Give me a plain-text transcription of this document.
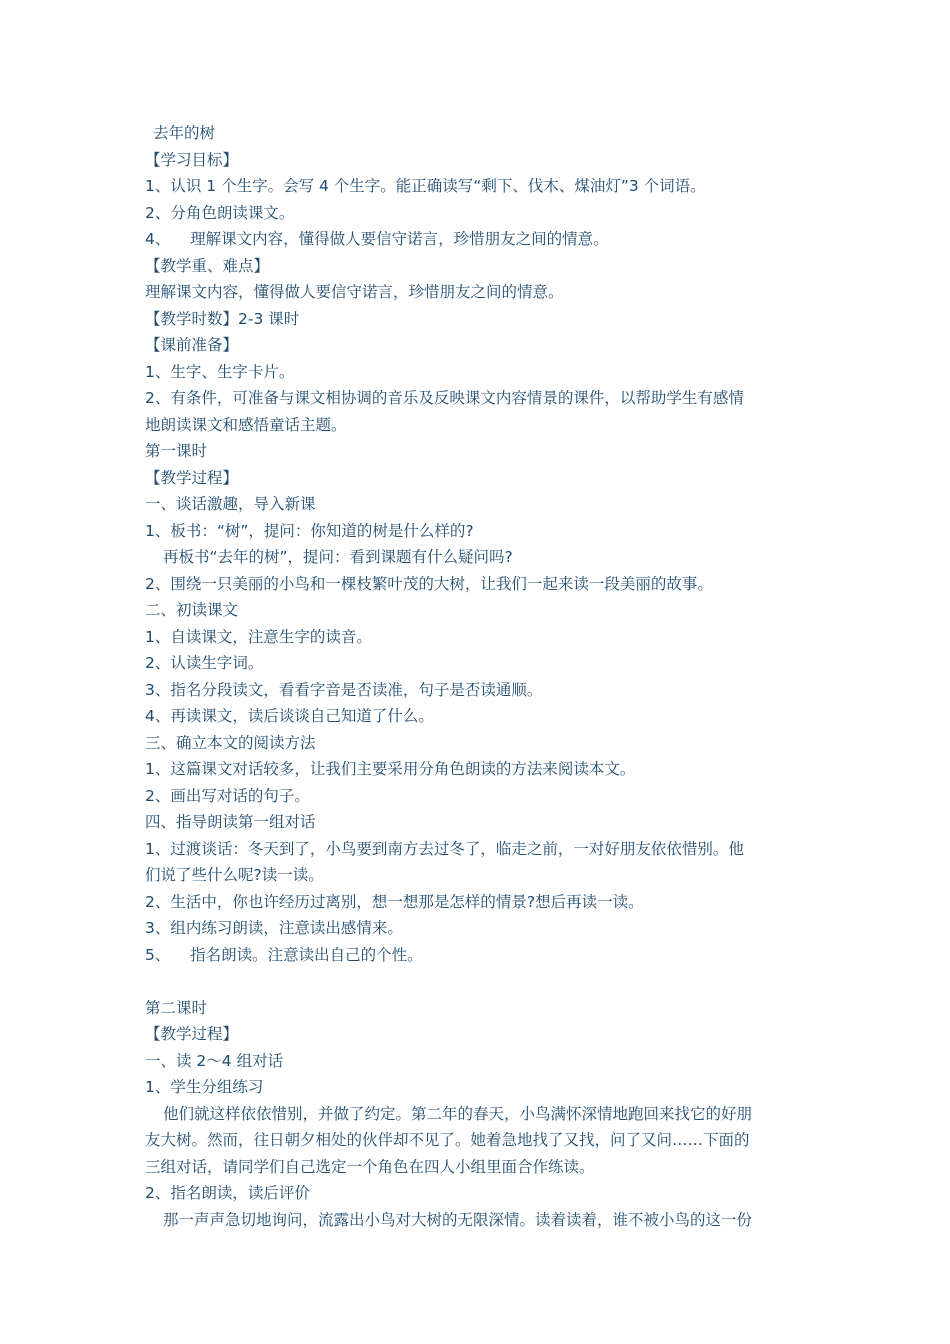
去年的树
【学习目标】
1、认识 1 个生字。会写 4 个生字。能正确读写“剩下、伐木、煤油灯”3 个词语。
2、分角色朗读课文。
4、    理解课文内容，懂得做人要信守诺言，珍惜朋友之间的情意。
【教学重、难点】
理解课文内容，懂得做人要信守诺言，珍惜朋友之间的情意。
【教学时数】2-3 课时
【课前准备】
1、生字、生字卡片。
2、有条件，可准备与课文相协调的音乐及反映课文内容情景的课件，以帮助学生有感情
地朗读课文和感悟童话主题。
第一课时
【教学过程】
一、谈话激趣，导入新课
1、板书：“树”，提问：你知道的树是什么样的?
再板书“去年的树”，提问：看到课题有什么疑问吗?
2、围绕一只美丽的小鸟和一棵枝繁叶茂的大树，让我们一起来读一段美丽的故事。
二、初读课文
1、自读课文，注意生字的读音。
2、认读生字词。
3、指名分段读文，看看字音是否读准，句子是否读通顺。
4、再读课文，读后谈谈自己知道了什么。
三、确立本文的阅读方法
1、这篇课文对话较多，让我们主要采用分角色朗读的方法来阅读本文。
2、画出写对话的句子。
四、指导朗读第一组对话
1、过渡谈话：冬天到了，小鸟要到南方去过冬了，临走之前，一对好朋友依依惜别。他
们说了些什么呢?读一读。
2、生活中，你也许经历过离别，想一想那是怎样的情景?想后再读一读。
3、组内练习朗读，注意读出感情来。
5、    指名朗读。注意读出自己的个性。
第二课时
【教学过程】
一、读 2～4 组对话
1、学生分组练习
他们就这样依依惜别，并做了约定。第二年的春天，小鸟满怀深情地跑回来找它的好朋
友大树。然而，往日朝夕相处的伙伴却不见了。她着急地找了又找，问了又问……下面的
三组对话，请同学们自己选定一个角色在四人小组里面合作练读。
2、指名朗读，读后评价
那一声声急切地询问，流露出小鸟对大树的无限深情。读着读着，谁不被小鸟的这一份
